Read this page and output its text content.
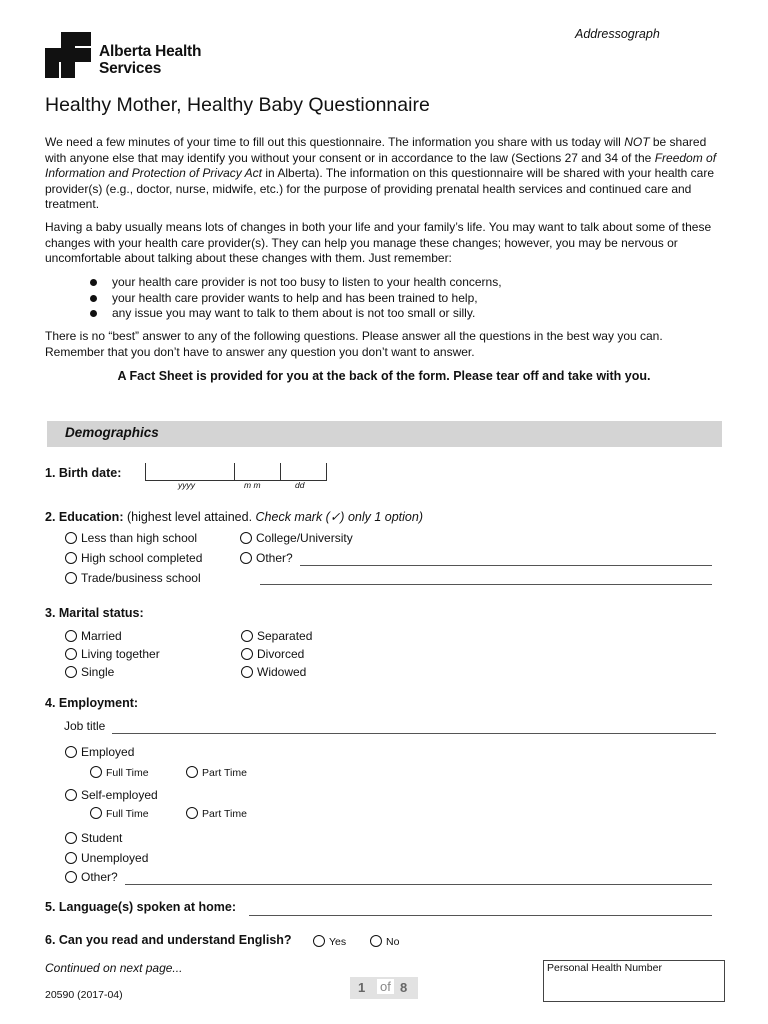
Alberta Health
Services
Addressograph
Healthy Mother, Healthy Baby Questionnaire
We need a few minutes of your time to fill out this questionnaire. The information you share with us today will NOT be shared with anyone else that may identify you without your consent or in accordance to the law (Sections 27 and 34 of the Freedom of Information and Protection of Privacy Act in Alberta). The information on this questionnaire will be shared with your health care provider(s) (e.g., doctor, nurse, midwife, etc.) for the purpose of providing prenatal health services and continued care and treatment.
Having a baby usually means lots of changes in both your life and your family’s life. You may want to talk about some of these changes with your health care provider(s). They can help you manage these changes; however, you may be nervous or uncomfortable about talking about these changes with them. Just remember:
your health care provider is not too busy to listen to your health concerns,
your health care provider wants to help and has been trained to help,
any issue you may want to talk to them about is not too small or silly.
There is no “best” answer to any of the following questions. Please answer all the questions in the best way you can. Remember that you don’t have to answer any question you don’t want to answer.
A Fact Sheet is provided for you at the back of the form. Please tear off and take with you.
Demographics
1. Birth date:
yyyy	m m	dd
2. Education: (highest level attained. Check mark (✓) only 1 option)
Less than high school
High school completed
Trade/business school
College/University
Other?
3. Marital status:
Married
Living together
Single
Separated
Divorced
Widowed
4. Employment:
Job title
Employed
Full Time	Part Time
Self-employed
Full Time	Part Time
Student
Unemployed
Other?
5. Language(s) spoken at home:
6. Can you read and understand English?	Yes	No
Continued on next page...
20590 (2017-04)	1 of 8
Personal Health Number
